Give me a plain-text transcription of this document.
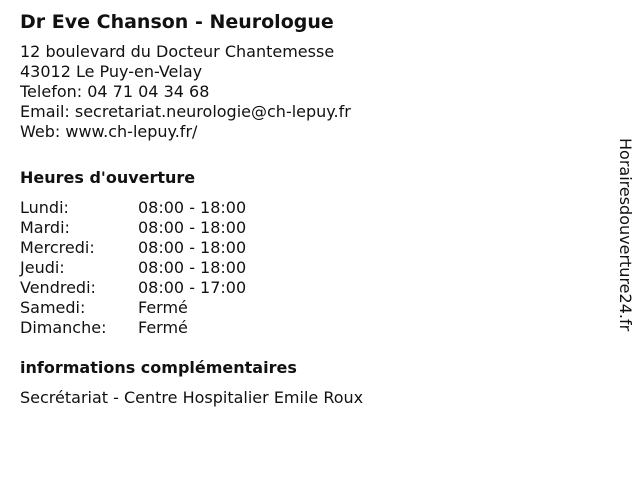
Dr Eve Chanson - Neurologue
12 boulevard du Docteur Chantemesse
43012 Le Puy-en-Velay
Telefon: 04 71 04 34 68
Email: secretariat.neurologie@ch-lepuy.fr
Web: www.ch-lepuy.fr/
Heures d'ouverture
Lundi:	08:00 - 18:00
Mardi:	08:00 - 18:00
Mercredi:	08:00 - 18:00
Jeudi:	08:00 - 18:00
Vendredi:	08:00 - 17:00
Samedi:	Fermé
Dimanche:	Fermé
informations complémentaires
Secrétariat - Centre Hospitalier Emile Roux
Horairesdouverture24.fr
